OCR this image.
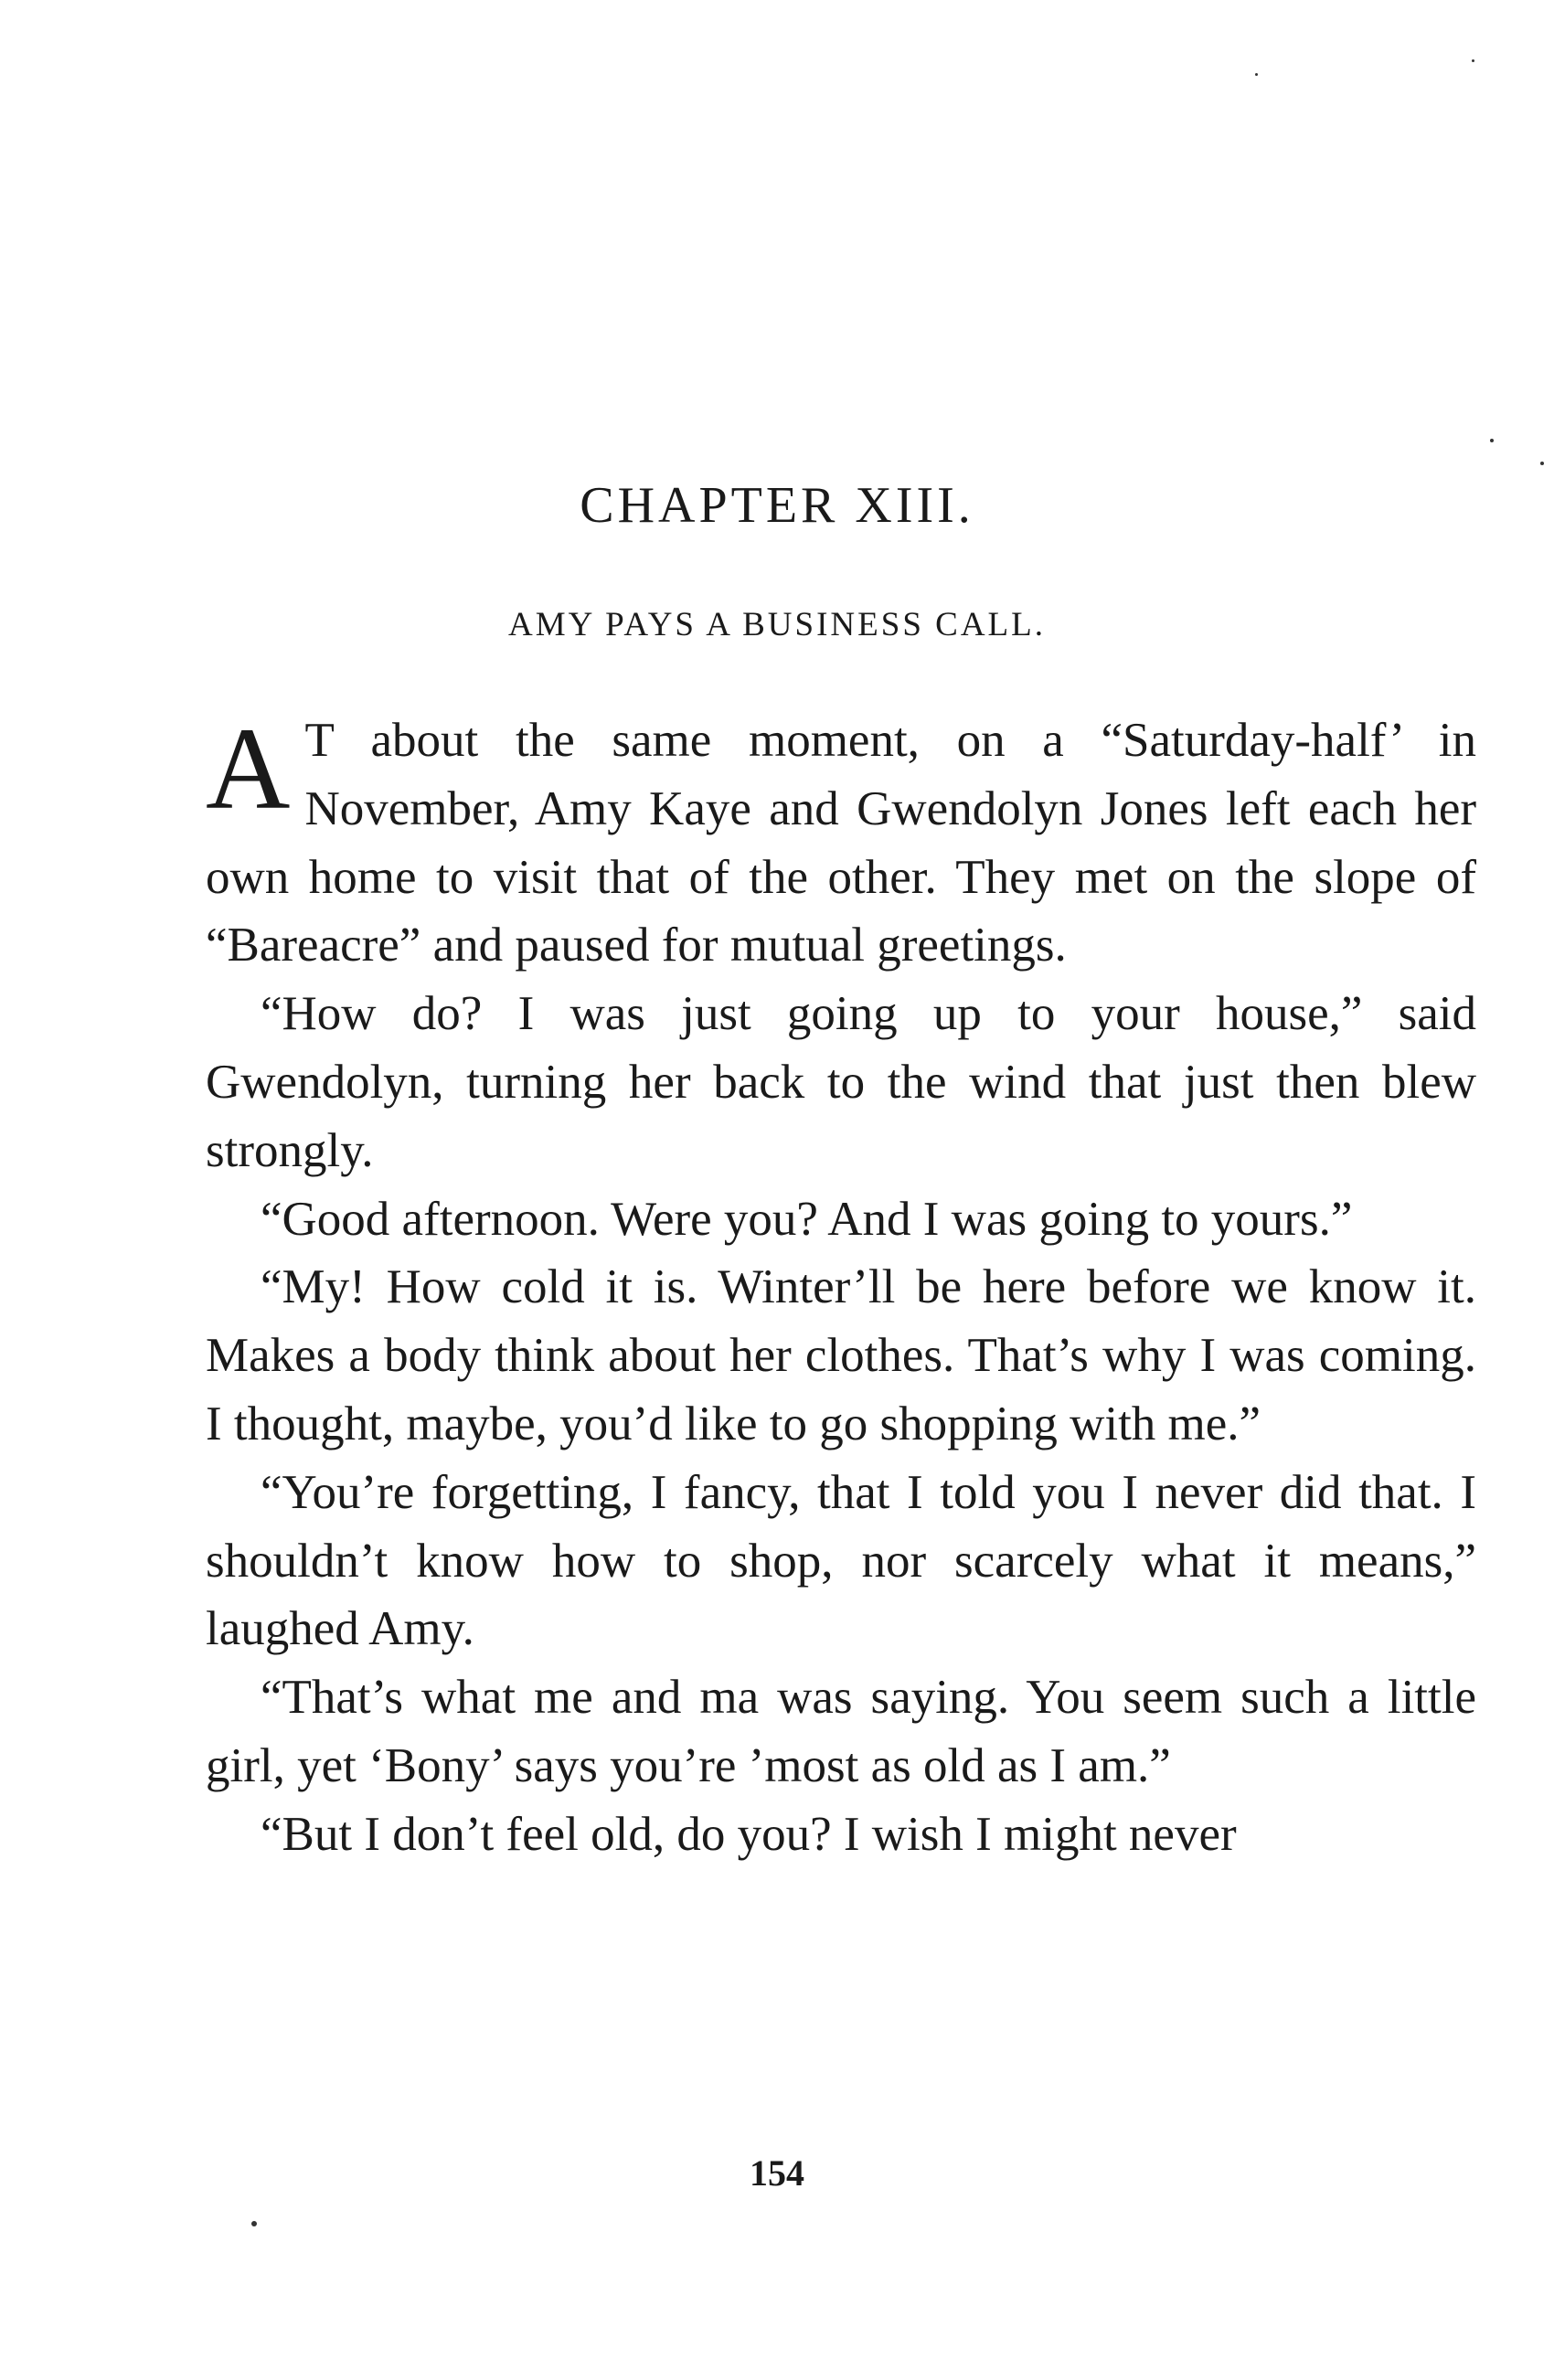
CHAPTER XIII.
AMY PAYS A BUSINESS CALL.

A T about the same moment, on a “Saturday-half’ in November, Amy Kaye and Gwendolyn Jones left each her own home to visit that of the other. They met on the slope of “Bareacre” and paused for mutual greetings.

“How do? I was just going up to your house,” said Gwendolyn, turning her back to the wind that just then blew strongly.

“Good afternoon. Were you? And I was going to yours.”

“My! How cold it is. Winter’ll be here before we know it. Makes a body think about her clothes. That’s why I was coming. I thought, maybe, you’d like to go shopping with me.”

“You’re forgetting, I fancy, that I told you I never did that. I shouldn’t know how to shop, nor scarcely what it means,” laughed Amy.

“That’s what me and ma was saying. You seem such a little girl, yet ‘Bony’ says you’re ’most as old as I am.”

“But I don’t feel old, do you? I wish I might never

154
